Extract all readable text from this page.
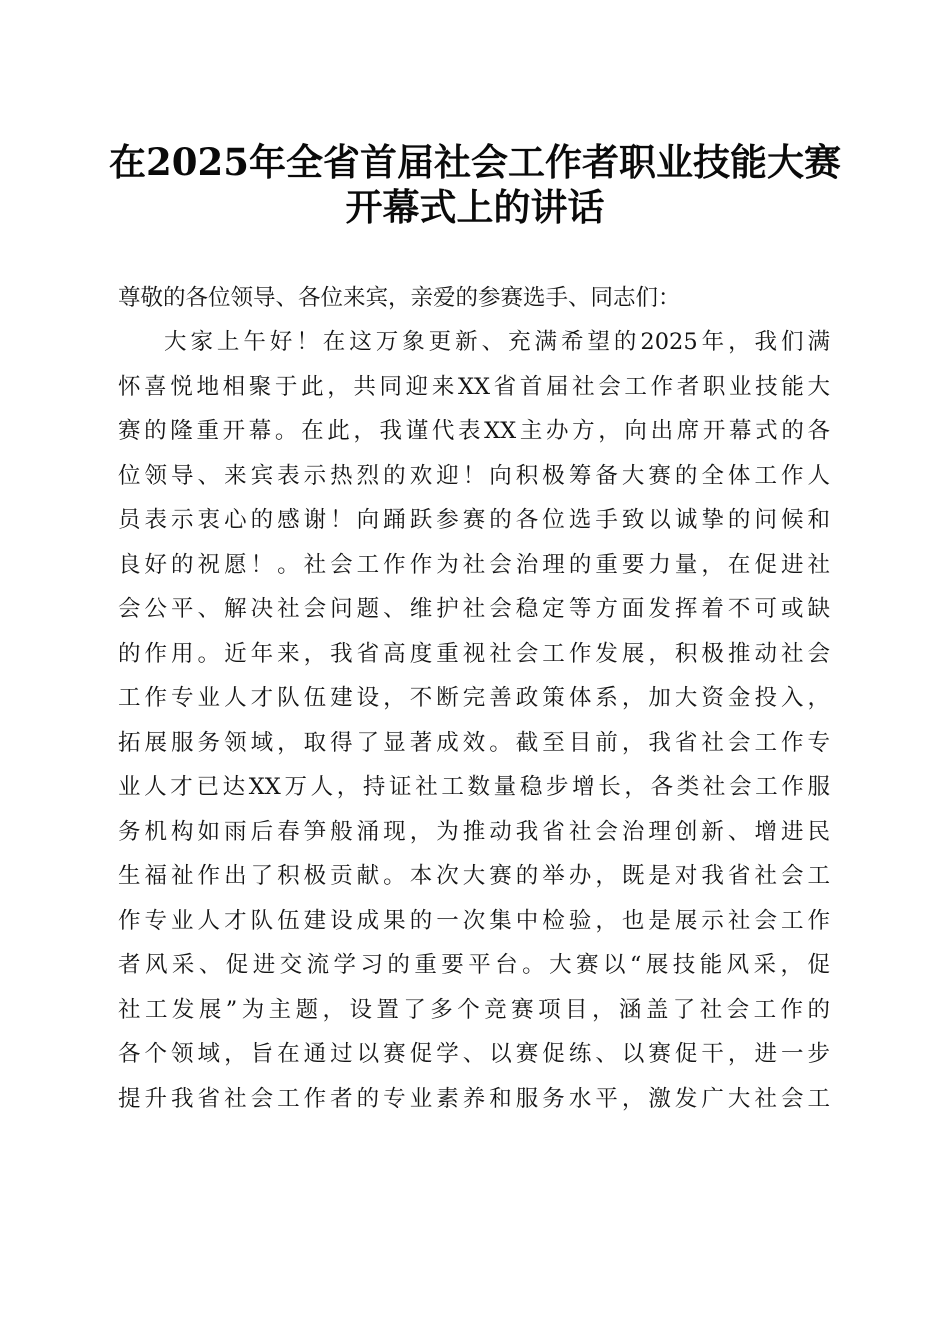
在2025年全省首届社会工作者职业技能大赛
开幕式上的讲话
尊敬的各位领导、各位来宾，亲爱的参赛选手、同志们：
大家上午好！在这万象更新、充满希望的2025年，我们满
怀喜悦地相聚于此，共同迎来XX省首届社会工作者职业技能大
赛的隆重开幕。在此，我谨代表XX主办方，向出席开幕式的各
位领导、来宾表示热烈的欢迎！向积极筹备大赛的全体工作人
员表示衷心的感谢！向踊跃参赛的各位选手致以诚挚的问候和
良好的祝愿！。社会工作作为社会治理的重要力量，在促进社
会公平、解决社会问题、维护社会稳定等方面发挥着不可或缺
的作用。近年来，我省高度重视社会工作发展，积极推动社会
工作专业人才队伍建设，不断完善政策体系，加大资金投入，
拓展服务领域，取得了显著成效。截至目前，我省社会工作专
业人才已达XX万人，持证社工数量稳步增长，各类社会工作服
务机构如雨后春笋般涌现，为推动我省社会治理创新、增进民
生福祉作出了积极贡献。本次大赛的举办，既是对我省社会工
作专业人才队伍建设成果的一次集中检验，也是展示社会工作
者风采、促进交流学习的重要平台。大赛以“展技能风采，促
社工发展”为主题，设置了多个竞赛项目，涵盖了社会工作的
各个领域，旨在通过以赛促学、以赛促练、以赛促干，进一步
提升我省社会工作者的专业素养和服务水平，激发广大社会工
